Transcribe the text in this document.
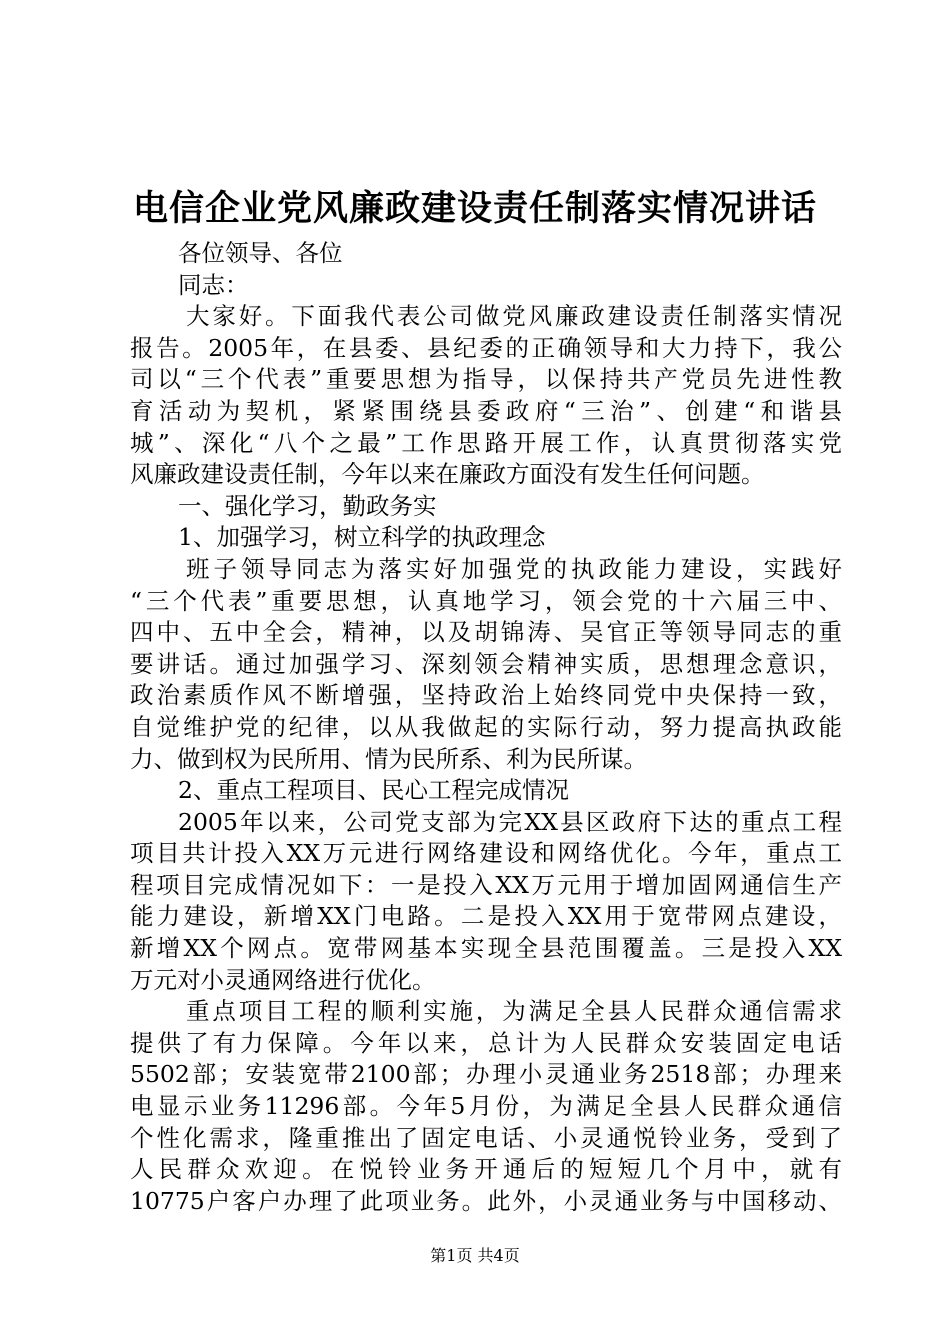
电信企业党风廉政建设责任制落实情况讲话
各位领导、各位
同志：
大家好。下面我代表公司做党风廉政建设责任制落实情况
报告。2005年，在县委、县纪委的正确领导和大力持下，我公
司以“三个代表”重要思想为指导，以保持共产党员先进性教
育活动为契机，紧紧围绕县委政府“三治”、创建“和谐县
城”、深化“八个之最”工作思路开展工作，认真贯彻落实党
风廉政建设责任制，今年以来在廉政方面没有发生任何问题。
一、强化学习，勤政务实
1、加强学习，树立科学的执政理念
班子领导同志为落实好加强党的执政能力建设，实践好
“三个代表”重要思想，认真地学习，领会党的十六届三中、
四中、五中全会，精神，以及胡锦涛、吴官正等领导同志的重
要讲话。通过加强学习、深刻领会精神实质，思想理念意识，
政治素质作风不断增强，坚持政治上始终同党中央保持一致，
自觉维护党的纪律，以从我做起的实际行动，努力提高执政能
力、做到权为民所用、情为民所系、利为民所谋。
2、重点工程项目、民心工程完成情况
2005年以来，公司党支部为完XX县区政府下达的重点工程
项目共计投入XX万元进行网络建设和网络优化。今年，重点工
程项目完成情况如下：一是投入XX万元用于增加固网通信生产
能力建设，新增XX门电路。二是投入XX用于宽带网点建设，
新增XX个网点。宽带网基本实现全县范围覆盖。三是投入XX
万元对小灵通网络进行优化。
重点项目工程的顺利实施，为满足全县人民群众通信需求
提供了有力保障。今年以来，总计为人民群众安装固定电话
5502部；安装宽带2100部；办理小灵通业务2518部；办理来
电显示业务11296部。今年5月份，为满足全县人民群众通信
个性化需求，隆重推出了固定电话、小灵通悦铃业务，受到了
人民群众欢迎。在悦铃业务开通后的短短几个月中，就有
10775户客户办理了此项业务。此外，小灵通业务与中国移动、
第1页 共4页
